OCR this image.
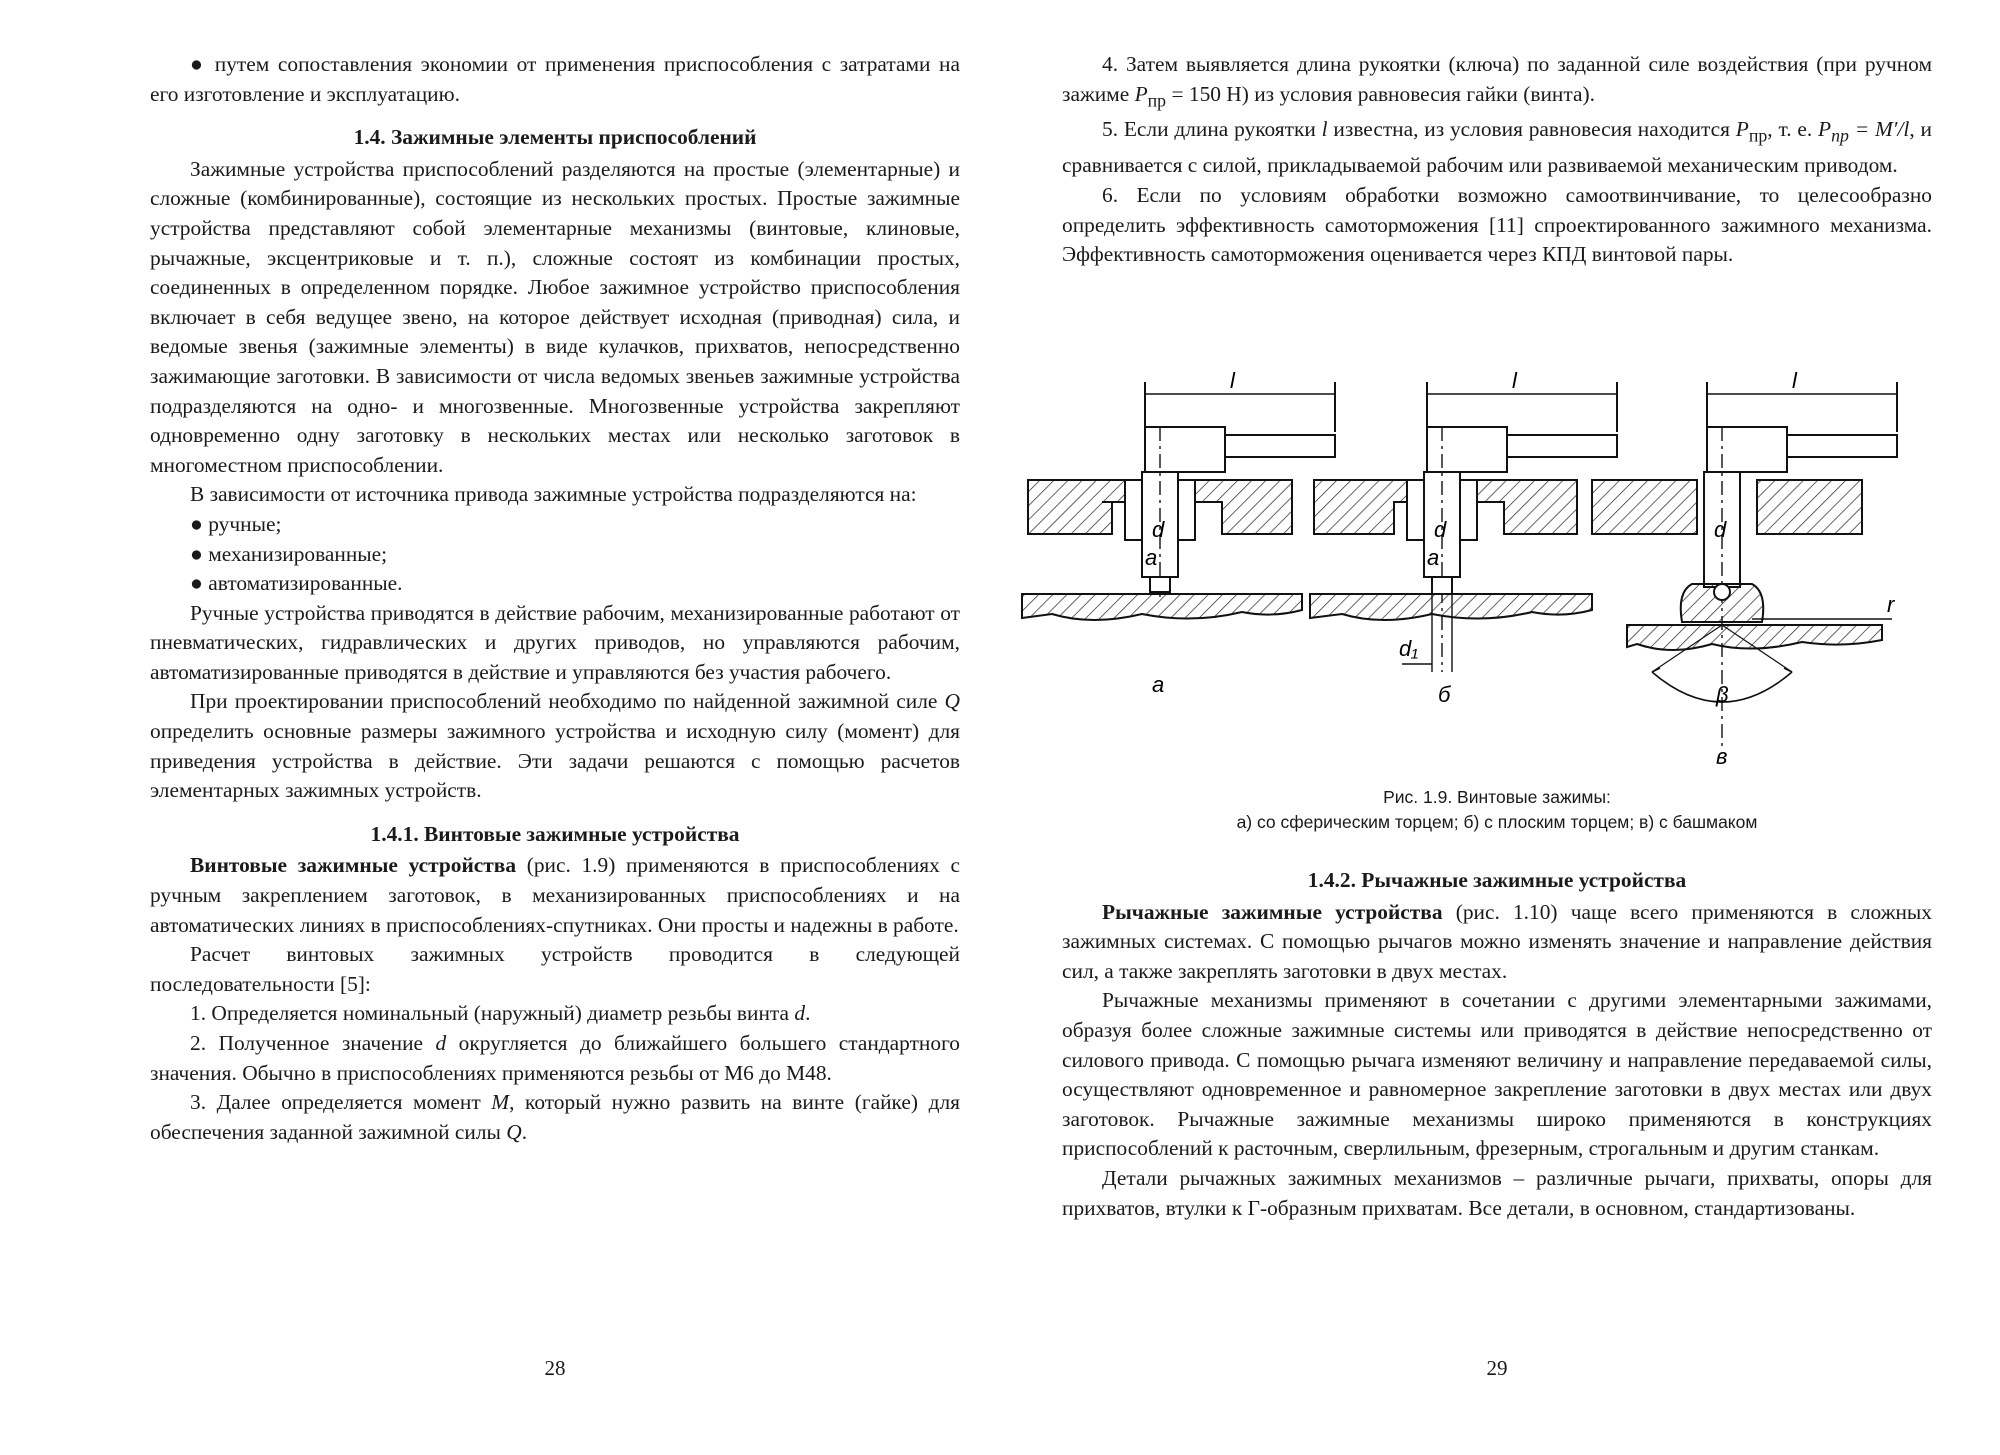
● путем сопоставления экономии от применения приспособления с затратами на его изготовление и эксплуатацию.

1.4. Зажимные элементы приспособлений

Зажимные устройства приспособлений разделяются на простые (элементарные) и сложные (комбинированные), состоящие из нескольких простых. Простые зажимные устройства представляют собой элементарные механизмы (винтовые, клиновые, рычажные, эксцентриковые и т. п.), сложные состоят из комбинации простых, соединенных в определенном порядке. Любое зажимное устройство приспособления включает в себя ведущее звено, на которое действует исходная (приводная) сила, и ведомые звенья (зажимные элементы) в виде кулачков, прихватов, непосредственно зажимающие заготовки. В зависимости от числа ведомых звеньев зажимные устройства подразделяются на одно- и многозвенные. Многозвенные устройства закрепляют одновременно одну заготовку в нескольких местах или несколько заготовок в многоместном приспособлении.

В зависимости от источника привода зажимные устройства подразделяются на:

● ручные;

● механизированные;

● автоматизированные.

Ручные устройства приводятся в действие рабочим, механизированные работают от пневматических, гидравлических и других приводов, но управляются рабочим, автоматизированные приводятся в действие и управляются без участия рабочего.

При проектировании приспособлений необходимо по найденной зажимной силе Q определить основные размеры зажимного устройства и исходную силу (момент) для приведения устройства в действие. Эти задачи решаются с помощью расчетов элементарных зажимных устройств.

1.4.1. Винтовые зажимные устройства

Винтовые зажимные устройства (рис. 1.9) применяются в приспособлениях с ручным закреплением заготовок, в механизированных приспособлениях и на автоматических линиях в приспособлениях-спутниках. Они просты и надежны в работе.

Расчет винтовых зажимных устройств проводится в следующей последовательности [5]:

1. Определяется номинальный (наружный) диаметр резьбы винта d.

2. Полученное значение d округляется до ближайшего большего стандартного значения. Обычно в приспособлениях применяются резьбы от М6 до М48.

3. Далее определяется момент M, который нужно развить на винте (гайке) для обеспечения заданной зажимной силы Q.

28

4. Затем выявляется длина рукоятки (ключа) по заданной силе воздействия (при ручном зажиме $P_{пр} = 150$ Н) из условия равновесия гайки (винта).

5. Если длина рукоятки l известна, из условия равновесия находится $P_{пр}$, т. е. $P_{пр} = M'/l$, и сравнивается с силой, прикладываемой рабочим или развиваемой механическим приводом.

6. Если по условиям обработки возможно самоотвинчивание, то целесообразно определить эффективность самоторможения [11] спроектированного зажимного механизма. Эффективность самоторможения оценивается через КПД винтовой пары.

d
a
l
а
d
a
l
d₁
б
d
l
r
β
в
Рис. 1.9. Винтовые зажимы:
а) со сферическим торцем; б) с плоским торцем; в) с башмаком
1.4.2. Рычажные зажимные устройства

Рычажные зажимные устройства (рис. 1.10) чаще всего применяются в сложных зажимных системах. С помощью рычагов можно изменять значение и направление действия сил, а также закреплять заготовки в двух местах.

Рычажные механизмы применяют в сочетании с другими элементарными зажимами, образуя более сложные зажимные системы или приводятся в действие непосредственно от силового привода. С помощью рычага изменяют величину и направление передаваемой силы, осуществляют одновременное и равномерное закрепление заготовки в двух местах или двух заготовок. Рычажные зажимные механизмы широко применяются в конструкциях приспособлений к расточным, сверлильным, фрезерным, строгальным и другим станкам.

Детали рычажных зажимных механизмов – различные рычаги, прихваты, опоры для прихватов, втулки к Г-образным прихватам. Все детали, в основном, стандартизованы.

29
